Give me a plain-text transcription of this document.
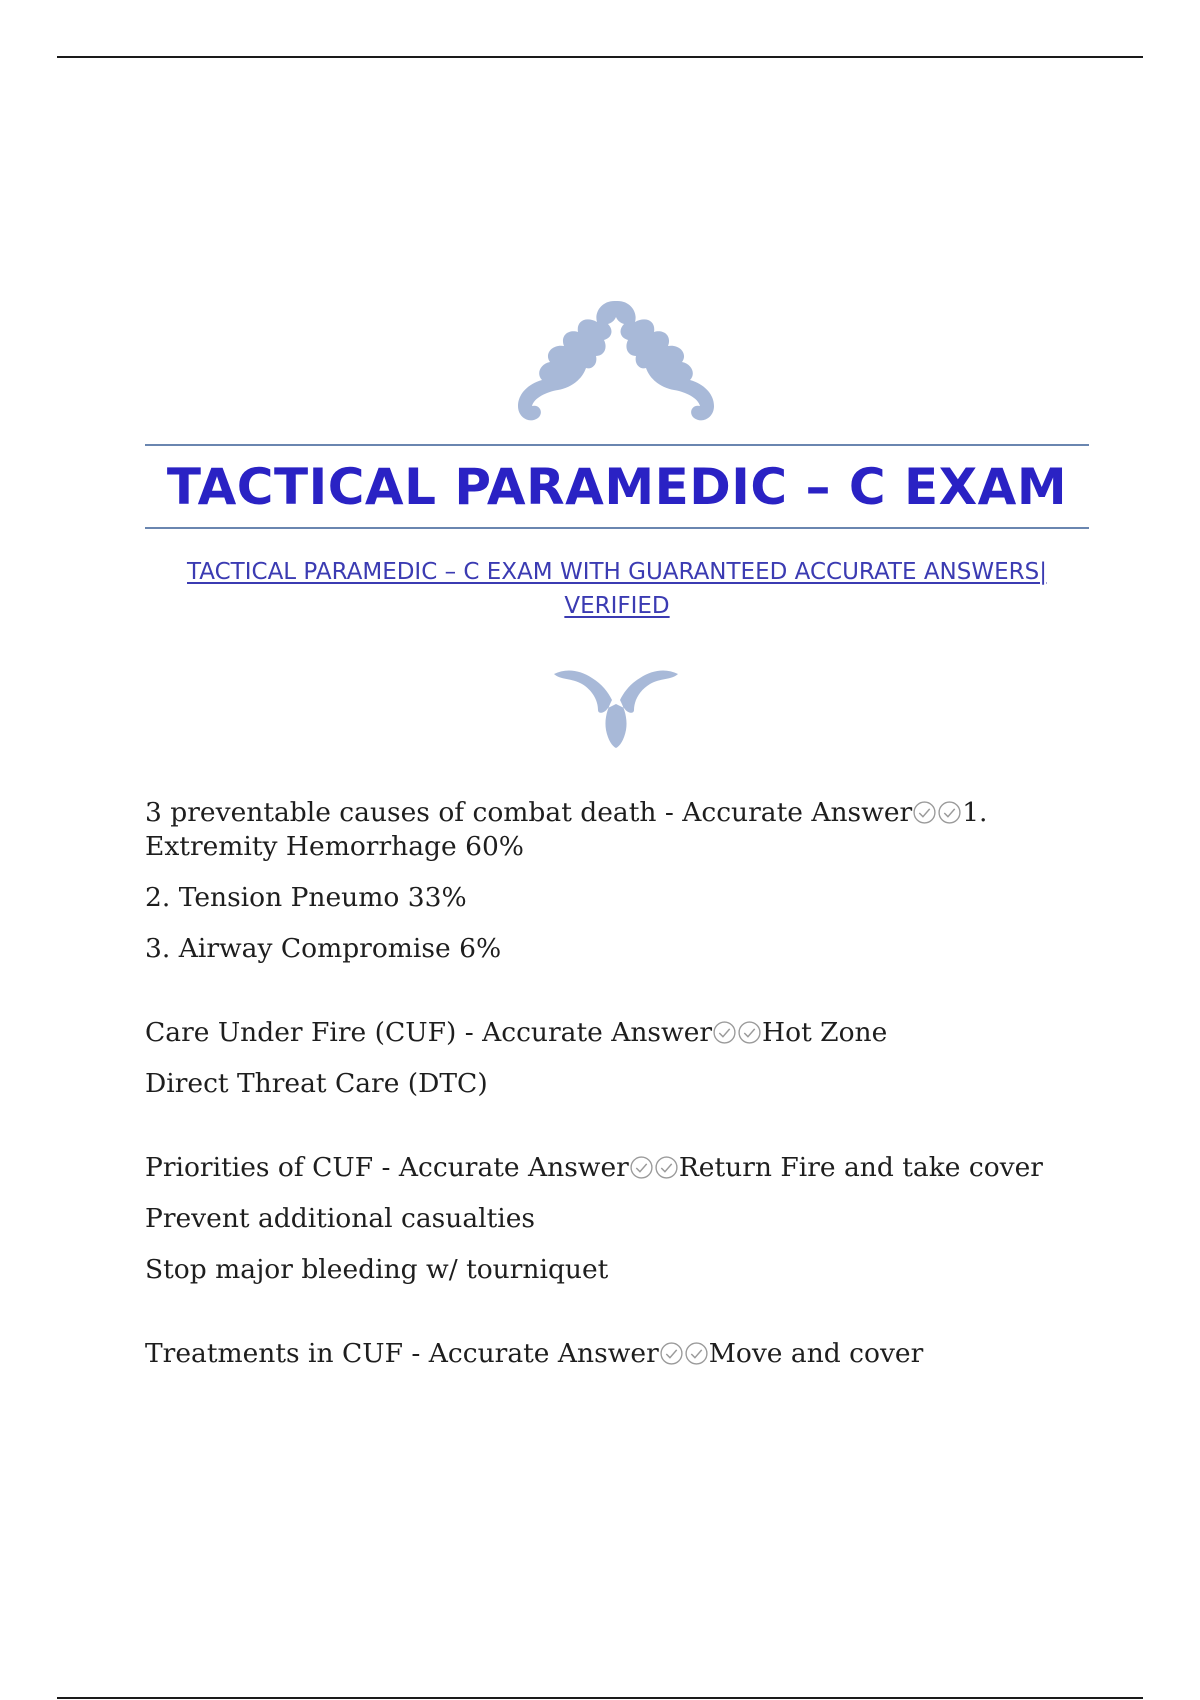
TACTICAL PARAMEDIC – C EXAM
TACTICAL PARAMEDIC – C EXAM WITH GUARANTEED ACCURATE ANSWERS| VERIFIED

3 preventable causes of combat death - Accurate Answer 1. Extremity Hemorrhage 60%

2. Tension Pneumo 33%

3. Airway Compromise 6%

Care Under Fire (CUF) - Accurate Answer Hot Zone

Direct Threat Care (DTC)

Priorities of CUF - Accurate Answer Return Fire and take cover

Prevent additional casualties

Stop major bleeding w/ tourniquet

Treatments in CUF - Accurate Answer Move and cover
